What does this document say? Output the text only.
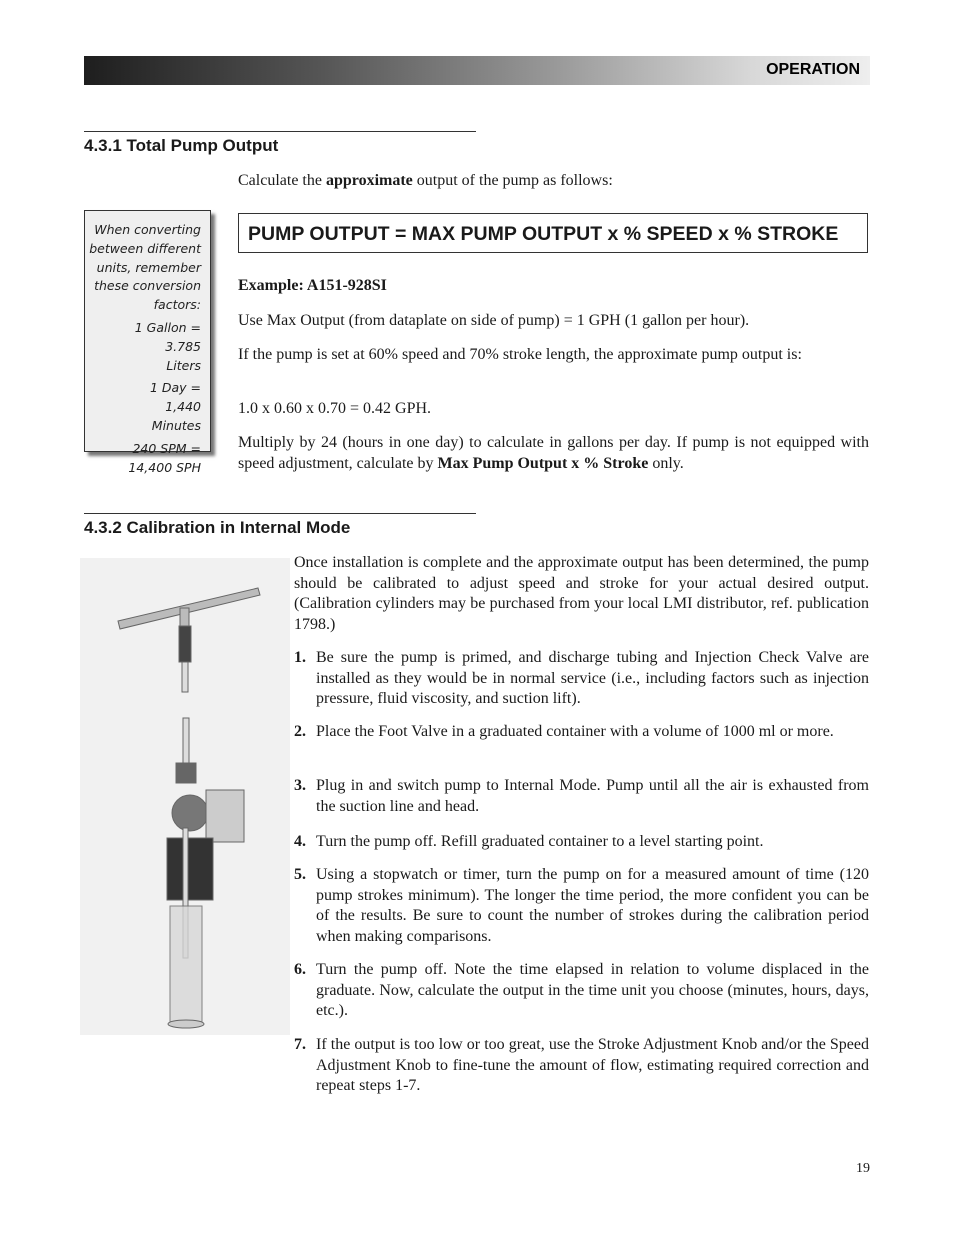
OPERATION
4.3.1 Total Pump Output

Calculate the approximate output of the pump as follows:

When converting between different units, remember these conversion factors:

1 Gallon = 3.785 Liters

1 Day = 1,440 Minutes

240 SPM = 14,400 SPH

PUMP OUTPUT = MAX PUMP OUTPUT x % SPEED x % STROKE

Example: A151-928SI

Use Max Output (from dataplate on side of pump) = 1 GPH (1 gallon per hour).

If the pump is set at 60% speed and 70% stroke length, the approximate pump output is:

1.0 x 0.60 x 0.70 = 0.42 GPH.

Multiply by 24 (hours in one day) to calculate in gallons per day. If pump is not equipped with speed adjustment, calculate by Max Pump Output x % Stroke only.

4.3.2 Calibration in Internal Mode

Once installation is complete and the approximate output has been determined, the pump should be calibrated to adjust speed and stroke for your actual desired output. (Calibration cylinders may be purchased from your local LMI distributor, ref. publication 1798.)

1. Be sure the pump is primed, and discharge tubing and Injection Check Valve are installed as they would be in normal service (i.e., including factors such as injection pressure, fluid viscosity, and suction lift).

2. Place the Foot Valve in a graduated container with a volume of 1000 ml or more.

3. Plug in and switch pump to Internal Mode. Pump until all the air is exhausted from the suction line and head.

4. Turn the pump off. Refill graduated container to a level starting point.

5. Using a stopwatch or timer, turn the pump on for a measured amount of time (120 pump strokes minimum). The longer the time period, the more confident you can be of the results. Be sure to count the number of strokes during the calibration period when making comparisons.

6. Turn the pump off. Note the time elapsed in relation to volume displaced in the graduate. Now, calculate the output in the time unit you choose (minutes, hours, days, etc.).

7. If the output is too low or too great, use the Stroke Adjustment Knob and/or the Speed Adjustment Knob to fine-tune the amount of flow, estimating required correction and repeat steps 1-7.

19
